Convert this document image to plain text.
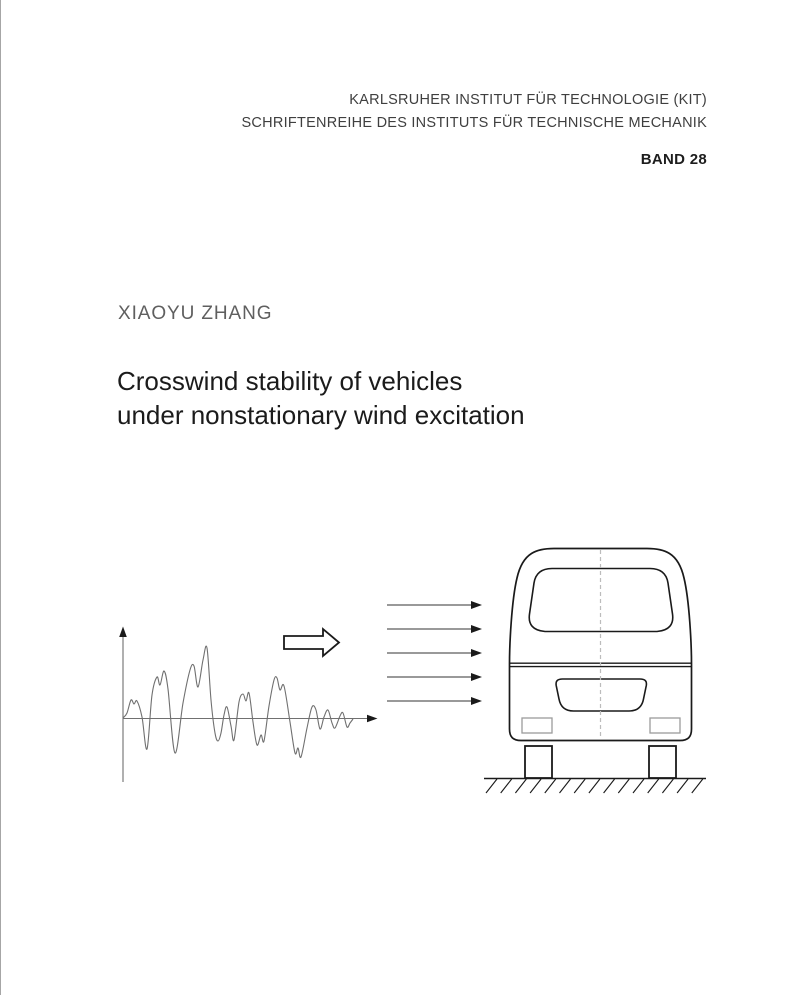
KARLSRUHER INSTITUT FÜR TECHNOLOGIE (KIT)
SCHRIFTENREIHE DES INSTITUTS FÜR TECHNISCHE MECHANIK
BAND 28
XIAOYU ZHANG
Crosswind stability of vehicles
under nonstationary wind excitation
